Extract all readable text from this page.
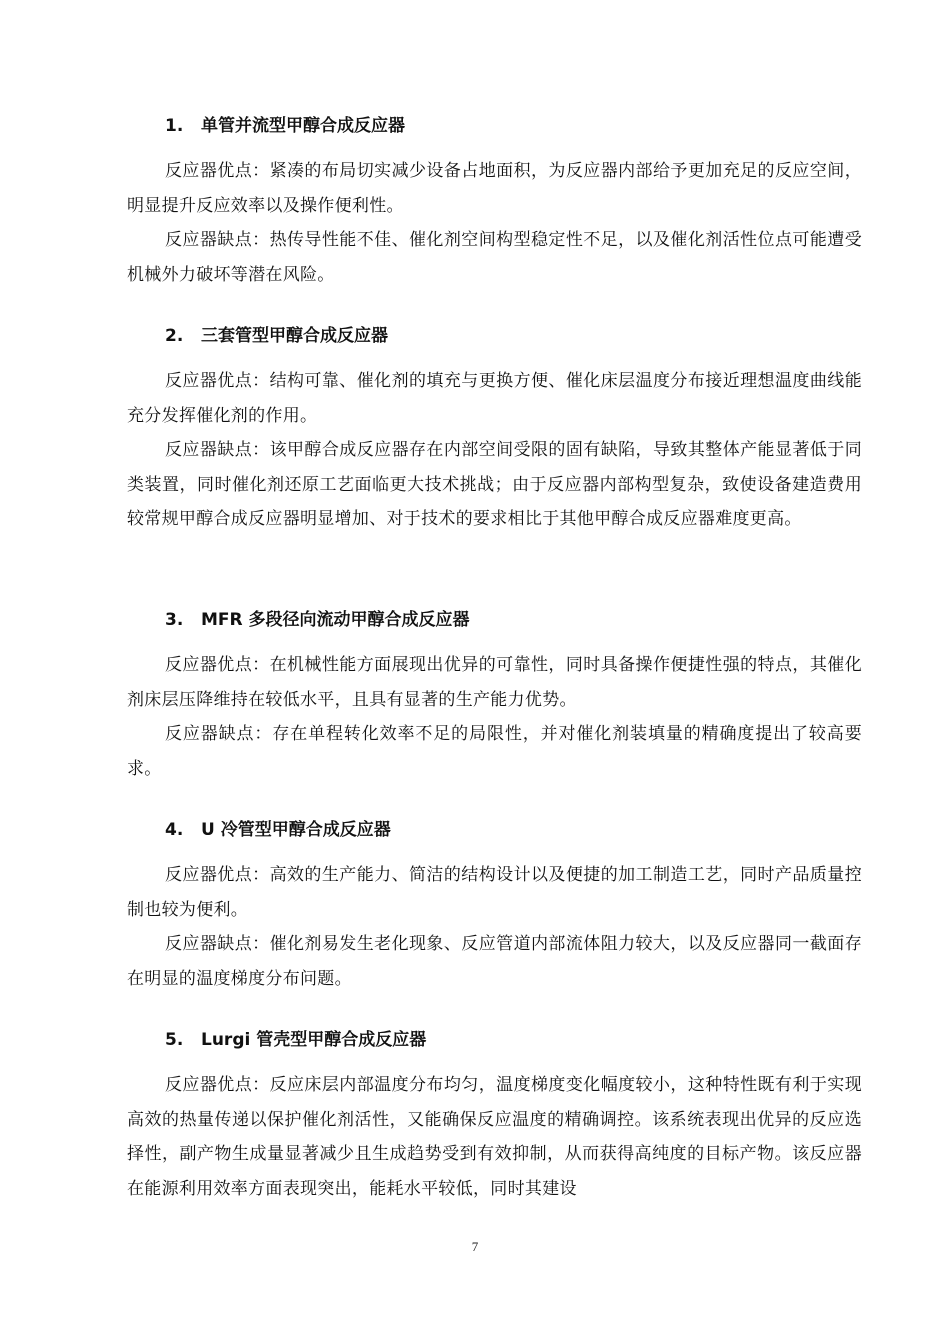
1. 单管并流型甲醇合成反应器

反应器优点：紧凑的布局切实减少设备占地面积，为反应器内部给予更加充足的反应空间，明显提升反应效率以及操作便利性。

反应器缺点：热传导性能不佳、催化剂空间构型稳定性不足，以及催化剂活性位点可能遭受机械外力破坏等潜在风险。

2. 三套管型甲醇合成反应器

反应器优点：结构可靠、催化剂的填充与更换方便、催化床层温度分布接近理想温度曲线能充分发挥催化剂的作用。

反应器缺点：该甲醇合成反应器存在内部空间受限的固有缺陷，导致其整体产能显著低于同类装置，同时催化剂还原工艺面临更大技术挑战；由于反应器内部构型复杂，致使设备建造费用较常规甲醇合成反应器明显增加、对于技术的要求相比于其他甲醇合成反应器难度更高。

3. MFR 多段径向流动甲醇合成反应器

反应器优点：在机械性能方面展现出优异的可靠性，同时具备操作便捷性强的特点，其催化剂床层压降维持在较低水平，且具有显著的生产能力优势。

反应器缺点：存在单程转化效率不足的局限性，并对催化剂装填量的精确度提出了较高要求。

4. U 冷管型甲醇合成反应器

反应器优点：高效的生产能力、简洁的结构设计以及便捷的加工制造工艺，同时产品质量控制也较为便利。

反应器缺点：催化剂易发生老化现象、反应管道内部流体阻力较大，以及反应器同一截面存在明显的温度梯度分布问题。

5. Lurgi 管壳型甲醇合成反应器

反应器优点：反应床层内部温度分布均匀，温度梯度变化幅度较小，这种特性既有利于实现高效的热量传递以保护催化剂活性，又能确保反应温度的精确调控。该系统表现出优异的反应选择性，副产物生成量显著减少且生成趋势受到有效抑制，从而获得高纯度的目标产物。该反应器在能源利用效率方面表现突出，能耗水平较低，同时其建设

7
